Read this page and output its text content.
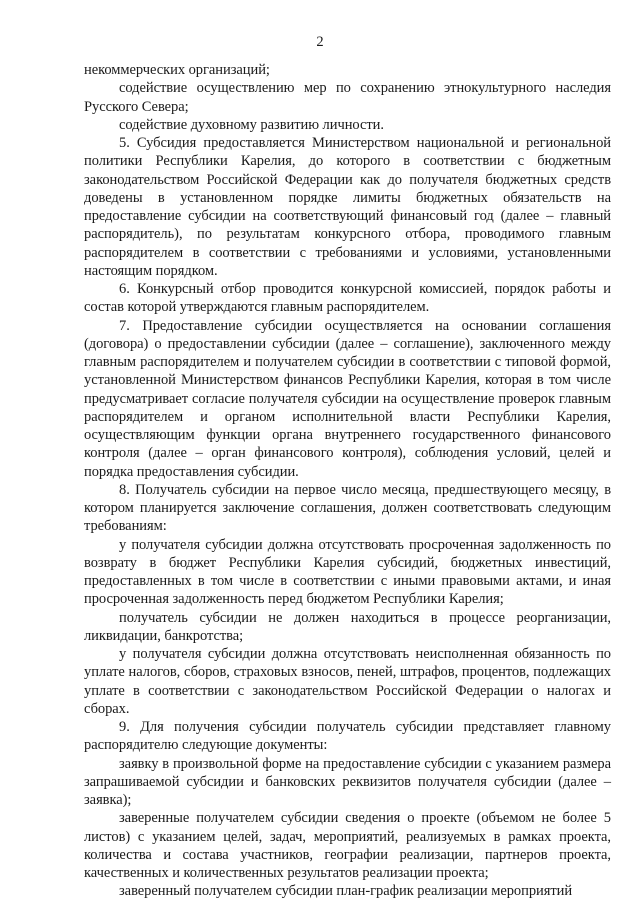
2

некоммерческих организаций;

содействие осуществлению мер по сохранению этнокультурного наследия Русского Севера;

содействие духовному развитию личности.

5. Субсидия предоставляется Министерством национальной и региональной политики Республики Карелия, до которого в соответствии с бюджетным законодательством Российской Федерации как до получателя бюджетных средств доведены в установленном порядке лимиты бюджетных обязательств на предоставление субсидии на соответствующий финансовый год (далее – главный распорядитель), по результатам конкурсного отбора, проводимого главным распорядителем в соответствии с требованиями и условиями, установленными настоящим порядком.

6. Конкурсный отбор проводится конкурсной комиссией, порядок работы и состав которой утверждаются главным распорядителем.

7. Предоставление субсидии осуществляется на основании соглашения (договора) о предоставлении субсидии (далее – соглашение), заключенного между главным распорядителем и получателем субсидии в соответствии с типовой формой, установленной Министерством финансов Республики Карелия, которая в том числе предусматривает согласие получателя субсидии на осуществление проверок главным распорядителем и органом исполнительной власти Республики Карелия, осуществляющим функции органа внутреннего государственного финансового контроля (далее – орган финансового контроля), соблюдения условий, целей и порядка предоставления субсидии.

8. Получатель субсидии на первое число месяца, предшествующего месяцу, в котором планируется заключение соглашения, должен соответствовать следующим требованиям:

у получателя субсидии должна отсутствовать просроченная задолженность по возврату в бюджет Республики Карелия субсидий, бюджетных инвестиций, предоставленных в том числе в соответствии с иными правовыми актами, и иная просроченная задолженность перед бюджетом Республики Карелия;

получатель субсидии не должен находиться в процессе реорганизации, ликвидации, банкротства;

у получателя субсидии должна отсутствовать неисполненная обязанность по уплате налогов, сборов, страховых взносов, пеней, штрафов, процентов, подлежащих уплате в соответствии с законодательством Российской Федерации о налогах и сборах.

9. Для получения субсидии получатель субсидии представляет главному распорядителю следующие документы:

заявку в произвольной форме на предоставление субсидии с указанием размера запрашиваемой субсидии и банковских реквизитов получателя субсидии (далее – заявка);

заверенные получателем субсидии сведения о проекте (объемом не более 5 листов) с указанием целей, задач, мероприятий, реализуемых в рамках проекта, количества и состава участников, географии реализации, партнеров проекта, качественных и количественных результатов реализации проекта;

заверенный получателем субсидии план-график реализации мероприятий
